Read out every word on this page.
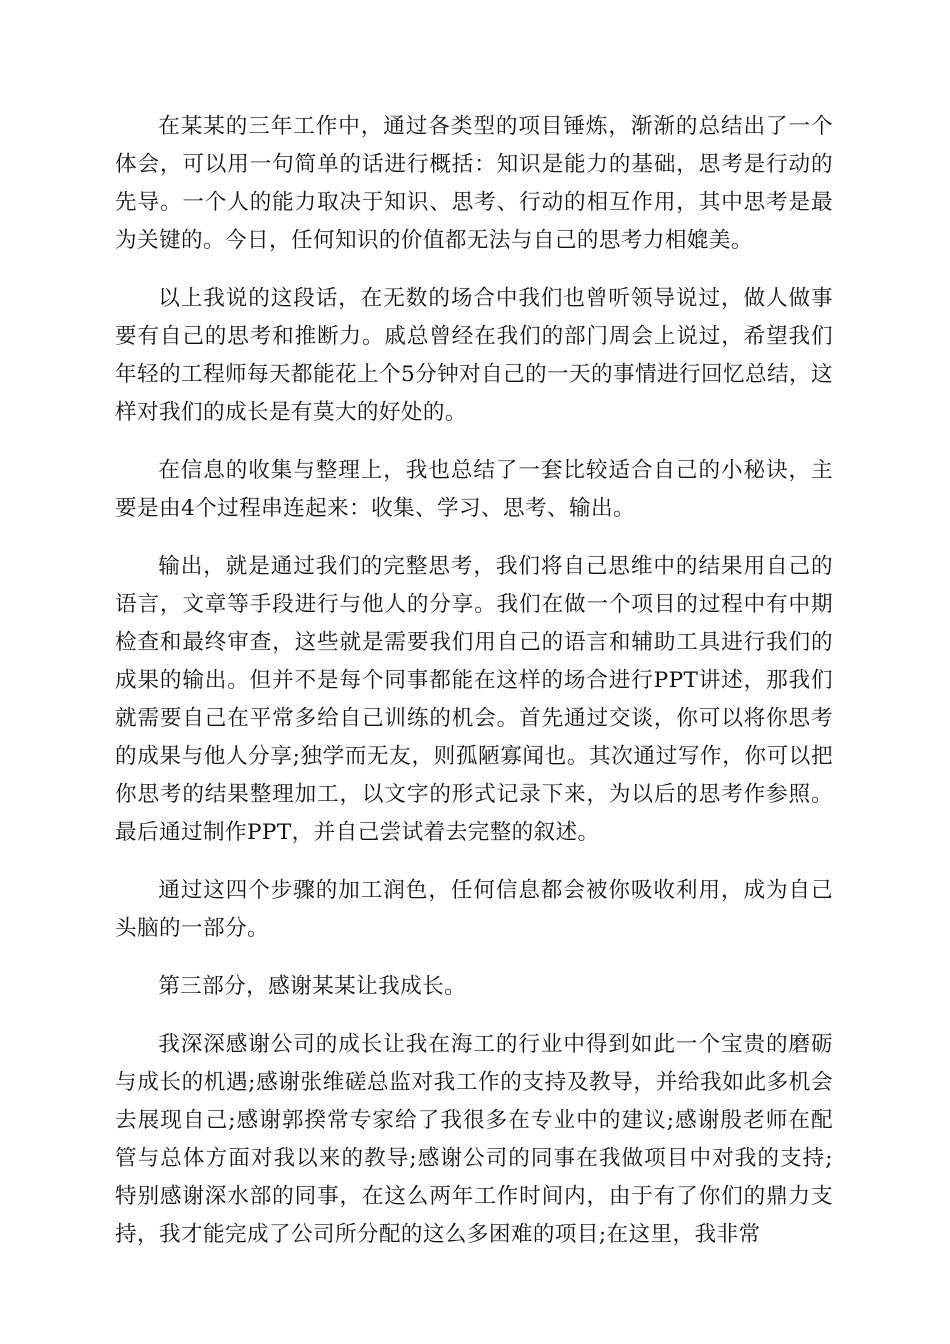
在某某的三年工作中，通过各类型的项目锤炼，渐渐的总结出了一个体会，可以用一句简单的话进行概括：知识是能力的基础，思考是行动的先导。一个人的能力取决于知识、思考、行动的相互作用，其中思考是最为关键的。今日，任何知识的价值都无法与自己的思考力相媲美。

以上我说的这段话，在无数的场合中我们也曾听领导说过，做人做事要有自己的思考和推断力。戚总曾经在我们的部门周会上说过，希望我们年轻的工程师每天都能花上个5分钟对自己的一天的事情进行回忆总结，这样对我们的成长是有莫大的好处的。

在信息的收集与整理上，我也总结了一套比较适合自己的小秘诀，主要是由4个过程串连起来：收集、学习、思考、输出。

输出，就是通过我们的完整思考，我们将自己思维中的结果用自己的语言，文章等手段进行与他人的分享。我们在做一个项目的过程中有中期检查和最终审查，这些就是需要我们用自己的语言和辅助工具进行我们的成果的输出。但并不是每个同事都能在这样的场合进行PPT讲述，那我们就需要自己在平常多给自己训练的机会。首先通过交谈，你可以将你思考的成果与他人分享;独学而无友，则孤陋寡闻也。其次通过写作，你可以把你思考的结果整理加工，以文字的形式记录下来，为以后的思考作参照。最后通过制作PPT，并自己尝试着去完整的叙述。

通过这四个步骤的加工润色，任何信息都会被你吸收利用，成为自己头脑的一部分。

第三部分，感谢某某让我成长。

我深深感谢公司的成长让我在海工的行业中得到如此一个宝贵的磨砺与成长的机遇;感谢张维磋总监对我工作的支持及教导，并给我如此多机会去展现自己;感谢郭揆常专家给了我很多在专业中的建议;感谢殷老师在配管与总体方面对我以来的教导;感谢公司的同事在我做项目中对我的支持;特别感谢深水部的同事，在这么两年工作时间内，由于有了你们的鼎力支持，我才能完成了公司所分配的这么多困难的项目;在这里，我非常
